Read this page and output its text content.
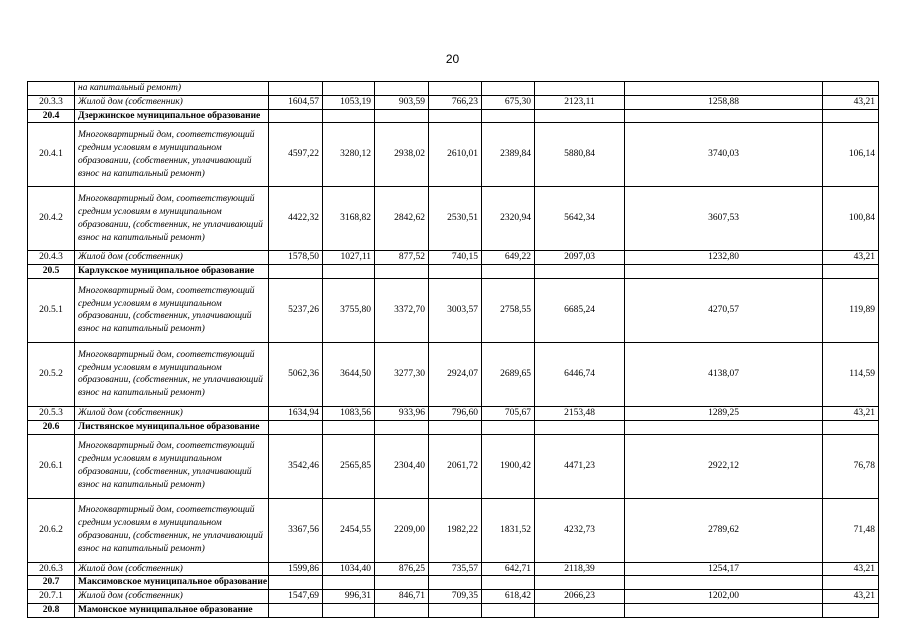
20
	на капитальный ремонт)								
20.3.3	Жилой дом (собственник)	1604,57	1053,19	903,59	766,23	675,30	2123,11	1258,88	43,21
20.4	Дзержинское муниципальное образование								
20.4.1	Многоквартирный дом, соответствующий средним условиям в муниципальном образовании, (собственник, уплачивающий взнос на капитальный ремонт)	4597,22	3280,12	2938,02	2610,01	2389,84	5880,84	3740,03	106,14
20.4.2	Многоквартирный дом, соответствующий средним условиям в муниципальном образовании, (собственник, не уплачивающий взнос на капитальный ремонт)	4422,32	3168,82	2842,62	2530,51	2320,94	5642,34	3607,53	100,84
20.4.3	Жилой дом (собственник)	1578,50	1027,11	877,52	740,15	649,22	2097,03	1232,80	43,21
20.5	Карлукское муниципальное образование								
20.5.1	Многоквартирный дом, соответствующий средним условиям в муниципальном образовании, (собственник, уплачивающий взнос на капитальный ремонт)	5237,26	3755,80	3372,70	3003,57	2758,55	6685,24	4270,57	119,89
20.5.2	Многоквартирный дом, соответствующий средним условиям в муниципальном образовании, (собственник, не уплачивающий взнос на капитальный ремонт)	5062,36	3644,50	3277,30	2924,07	2689,65	6446,74	4138,07	114,59
20.5.3	Жилой дом (собственник)	1634,94	1083,56	933,96	796,60	705,67	2153,48	1289,25	43,21
20.6	Листвянское муниципальное образование								
20.6.1	Многоквартирный дом, соответствующий средним условиям в муниципальном образовании, (собственник, уплачивающий взнос на капитальный ремонт)	3542,46	2565,85	2304,40	2061,72	1900,42	4471,23	2922,12	76,78
20.6.2	Многоквартирный дом, соответствующий средним условиям в муниципальном образовании, (собственник, не уплачивающий взнос на капитальный ремонт)	3367,56	2454,55	2209,00	1982,22	1831,52	4232,73	2789,62	71,48
20.6.3	Жилой дом (собственник)	1599,86	1034,40	876,25	735,57	642,71	2118,39	1254,17	43,21
20.7	Максимовское муниципальное образование								
20.7.1	Жилой дом (собственник)	1547,69	996,31	846,71	709,35	618,42	2066,23	1202,00	43,21
20.8	Мамонское муниципальное образование								
